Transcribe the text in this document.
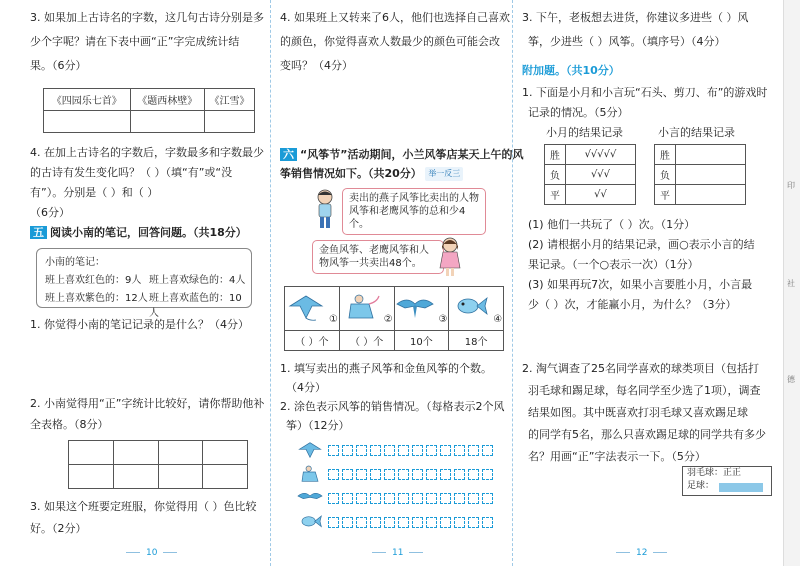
3. 如果加上古诗名的字数，这几句古诗分别是多
少个字呢？请在下表中画“正”字完成统计结
果。（6分）
《四园乐七首》	《题西林壁》	《江雪》

4. 在加上古诗名的字数后，字数最多和字数最少
的古诗有发生变化吗？（ ）（填“有”或“没
有”）。分别是（ ）和（ ）
（6分）
五 阅读小南的笔记，回答问题。（共18分）
小南的笔记：
班上喜欢红色的：9人 班上喜欢绿色的：4人
班上喜欢紫色的：12人 班上喜欢蓝色的：10人
1. 你觉得小南的笔记记录的是什么？（4分）
2. 小南觉得用“正”字统计比较好，请你帮助他补
全表格。（8分）

3. 如果这个班要定班服，你觉得用（ ）色比较
好。（2分）
10
4. 如果班上又转来了6人，他们也选择自己喜欢
的颜色，你觉得喜欢人数最少的颜色可能会改
变吗？（4分）
六 “风筝节”活动期间，小兰风筝店某天上午的风
筝销售情况如下。（共20分） 举一反三
卖出的燕子风筝比卖出的人物
风筝和老鹰风筝的总和少4个。
金鱼风筝、老鹰风筝和人
物风筝一共卖出48个。
①	②	③	④
（ ）个	（ ）个	10个	18个
1. 填写卖出的燕子风筝和金鱼风筝的个数。
（4分）
2. 涂色表示风筝的销售情况。（每格表示2个风
筝）（12分）

11
3. 下午，老板想去进货，你建议多进些（ ）风
筝，少进些（ ）风筝。（填序号）（4分）
附加题。（共10分）
1. 下面是小月和小言玩“石头、剪刀、布”的游戏时
记录的情况。（5分）
小月的结果记录	小言的结果记录
胜	√√√√√
负	√√√
平	√√
胜	
负	
平	
(1) 他们一共玩了（ ）次。（1分）
(2) 请根据小月的结果记录，画○表示小言的结
果记录。（一个○表示一次）（1分）
(3) 如果再玩7次，如果小言要胜小月，小言最
少（ ）次，才能赢小月，为什么？（3分）
2. 淘气调查了25名同学喜欢的球类项目（包括打
羽毛球和踢足球，每名同学至少选了1项），调查
结果如图。其中既喜欢打羽毛球又喜欢踢足球
的同学有5名，那么只喜欢踢足球的同学共有多少
名？用画“正”字法表示一下。（5分）
羽毛球：正正
足球：
12
印
社
德
